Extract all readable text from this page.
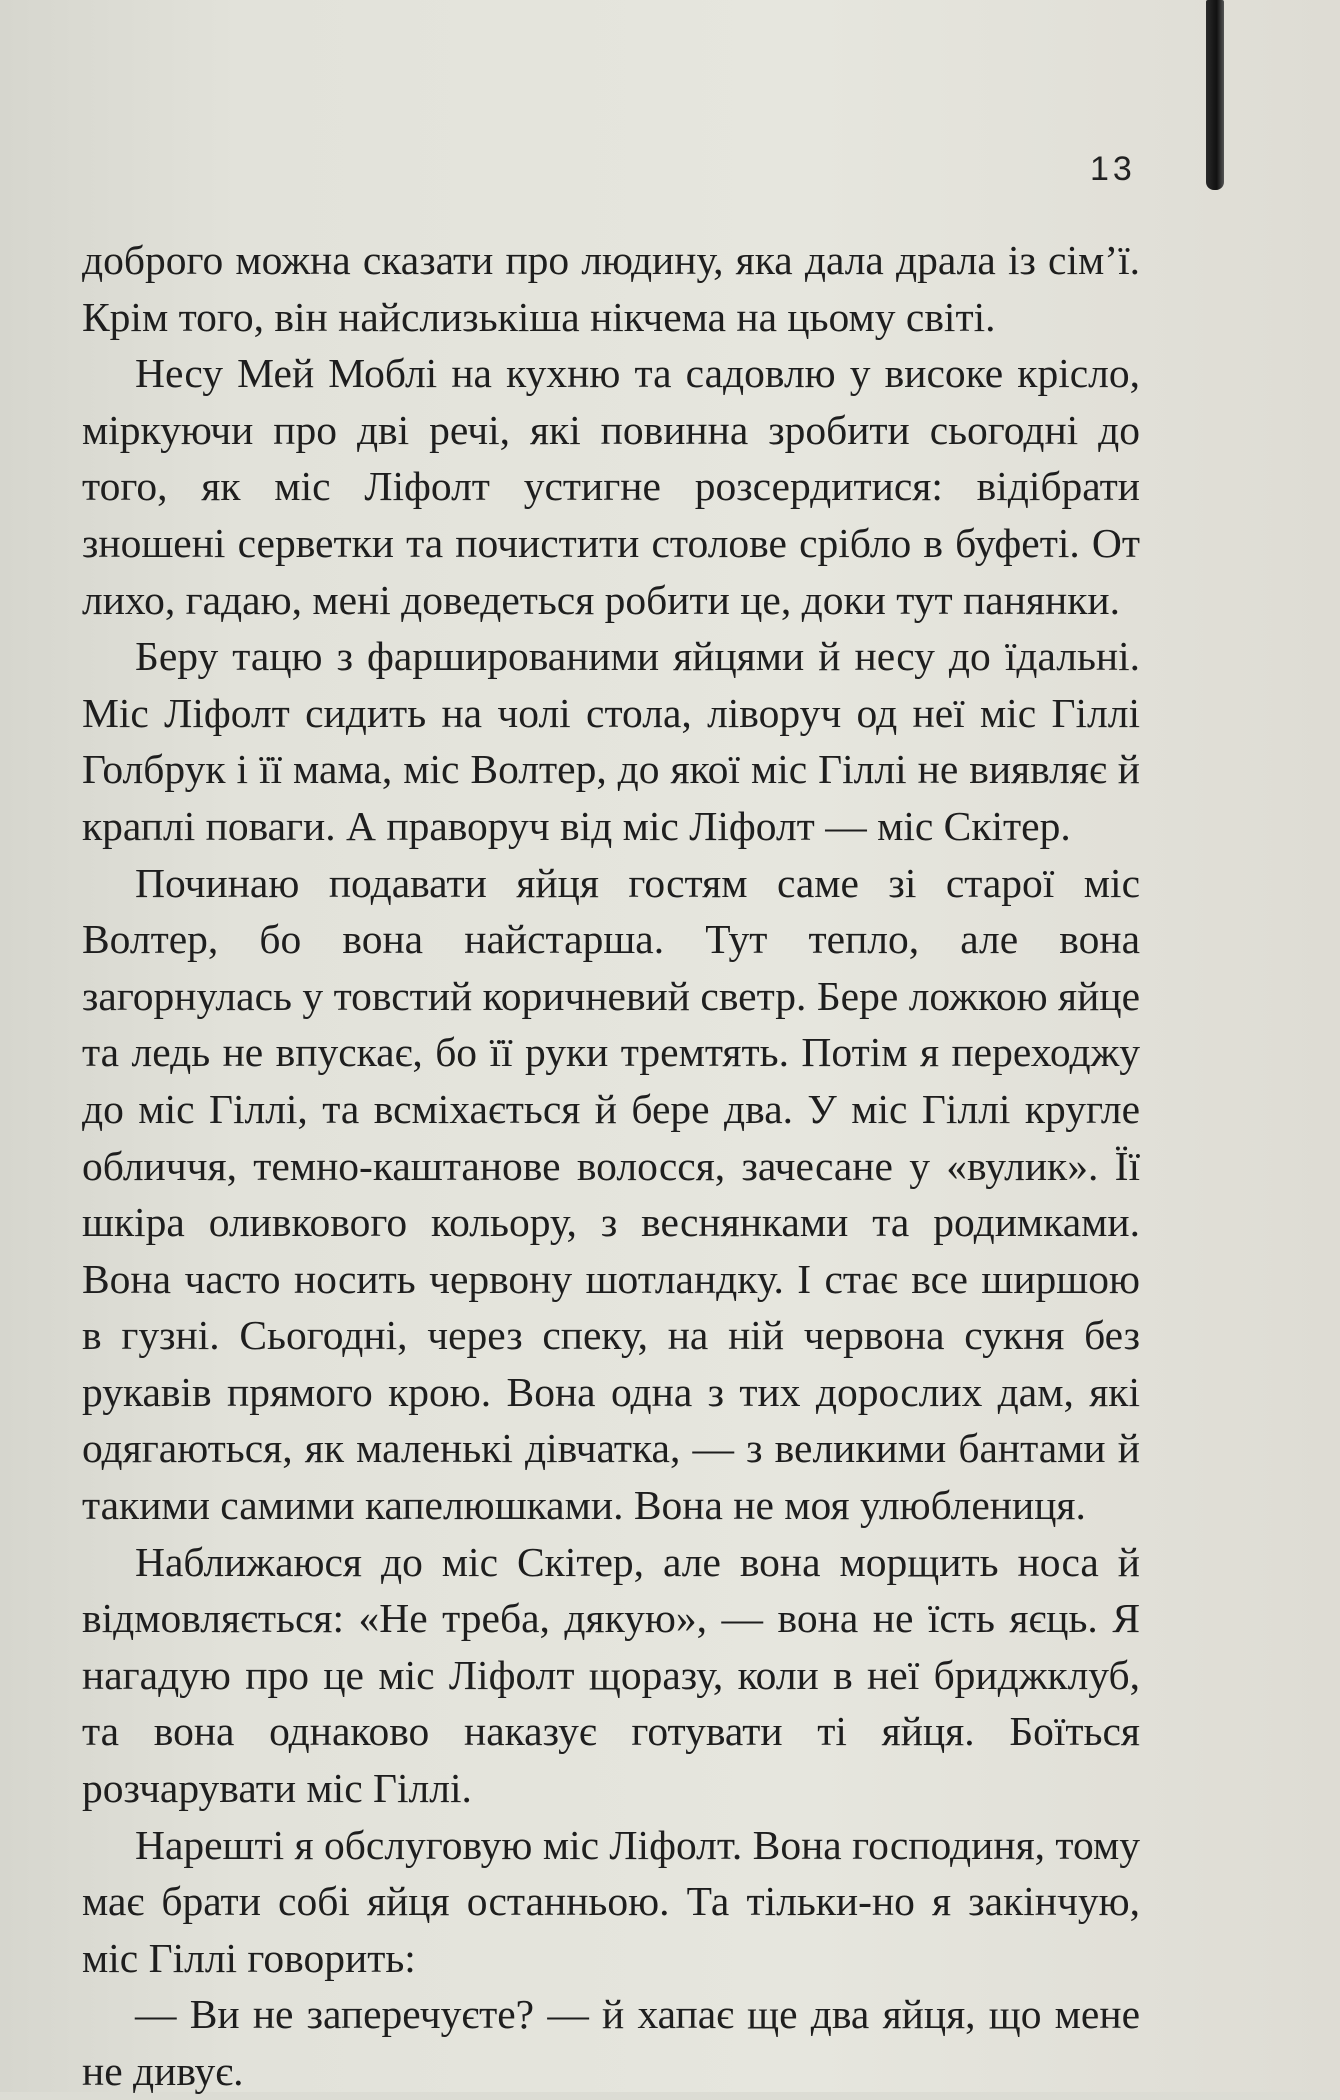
13

доброго можна сказати про людину, яка дала драла із сім’ї. Крім того, він найслизькіша нікчема на цьому світі.

Несу Мей Моблі на кухню та садовлю у високе крісло, міркуючи про дві речі, які повинна зробити сьогодні до того, як міс Ліфолт устигне розсердитися: відібрати зношені серветки та почистити столове срібло в буфеті. От лихо, гадаю, мені доведеться робити це, доки тут панянки.

Беру тацю з фаршированими яйцями й несу до їдальні. Міс Ліфолт сидить на чолі стола, ліворуч од неї міс Гіллі Голбрук і її мама, міс Волтер, до якої міс Гіллі не виявляє й краплі поваги. А праворуч від міс Ліфолт — міс Скітер.

Починаю подавати яйця гостям саме зі старої міс Волтер, бо вона найстарша. Тут тепло, але вона загорнулась у товстий коричневий светр. Бере ложкою яйце та ледь не впускає, бо її руки тремтять. Потім я переходжу до міс Гіллі, та всміхається й бере два. У міс Гіллі кругле обличчя, темно-каштанове волосся, зачесане у «вулик». Її шкіра оливкового кольору, з веснянками та родимками. Вона часто носить червону шотландку. І стає все ширшою в гузні. Сьогодні, через спеку, на ній червона сукня без рукавів прямого крою. Вона одна з тих дорослих дам, які одягаються, як маленькі дівчатка, — з великими бантами й такими самими капелюшками. Вона не моя улюблениця.

Наближаюся до міс Скітер, але вона морщить носа й відмовляється: «Не треба, дякую», — вона не їсть яєць. Я нагадую про це міс Ліфолт щоразу, коли в неї бриджклуб, та вона однаково наказує готувати ті яйця. Боїться розчарувати міс Гіллі.

Нарешті я обслуговую міс Ліфолт. Вона господиня, тому має брати собі яйця останньою. Та тільки-но я закінчую, міс Гіллі говорить:

— Ви не заперечуєте? — й хапає ще два яйця, що мене не дивує.
